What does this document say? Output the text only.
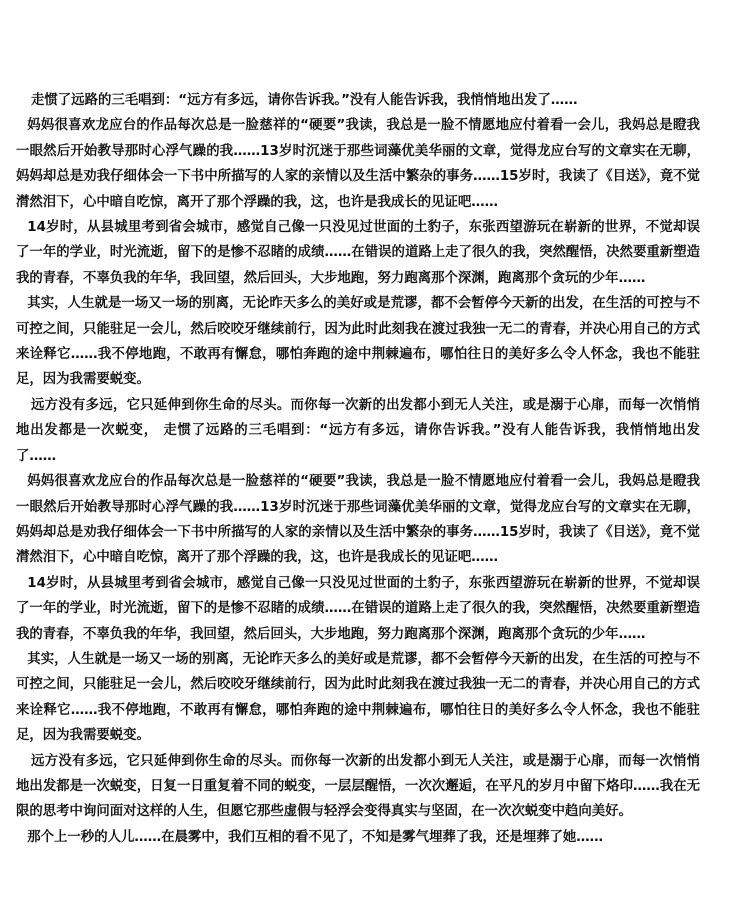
走惯了远路的三毛唱到：“远方有多远，请你告诉我。”没有人能告诉我，我悄悄地出发了……

妈妈很喜欢龙应台的作品每次总是一脸慈祥的“硬要”我读，我总是一脸不情愿地应付着看一会儿，我妈总是瞪我一眼然后开始教导那时心浮气躁的我……13岁时沉迷于那些词藻优美华丽的文章，觉得龙应台写的文章实在无聊，妈妈却总是劝我仔细体会一下书中所描写的人家的亲情以及生活中繁杂的事务……15岁时，我读了《目送》，竟不觉潸然泪下，心中暗自吃惊，离开了那个浮躁的我，这，也许是我成长的见证吧……

14岁时，从县城里考到省会城市，感觉自己像一只没见过世面的土豹子，东张西望游玩在崭新的世界，不觉却误了一年的学业，时光流逝，留下的是惨不忍睹的成绩……在错误的道路上走了很久的我，突然醒悟，决然要重新塑造我的青春，不辜负我的年华，我回望，然后回头，大步地跑，努力跑离那个深渊，跑离那个贪玩的少年……

其实，人生就是一场又一场的别离，无论昨天多么的美好或是荒谬，都不会暂停今天新的出发，在生活的可控与不可控之间，只能驻足一会儿，然后咬咬牙继续前行，因为此时此刻我在渡过我独一无二的青春，并决心用自己的方式来诠释它……我不停地跑，不敢再有懈怠，哪怕奔跑的途中荆棘遍布，哪怕往日的美好多么令人怀念，我也不能驻足，因为我需要蜕变。

远方没有多远，它只延伸到你生命的尽头。而你每一次新的出发都小到无人关注，或是溺于心扉，而每一次悄悄地出发都是一次蜕变， 走惯了远路的三毛唱到：“远方有多远，请你告诉我。”没有人能告诉我，我悄悄地出发了……

妈妈很喜欢龙应台的作品每次总是一脸慈祥的“硬要”我读，我总是一脸不情愿地应付着看一会儿，我妈总是瞪我一眼然后开始教导那时心浮气躁的我……13岁时沉迷于那些词藻优美华丽的文章，觉得龙应台写的文章实在无聊，妈妈却总是劝我仔细体会一下书中所描写的人家的亲情以及生活中繁杂的事务……15岁时，我读了《目送》，竟不觉潸然泪下，心中暗自吃惊，离开了那个浮躁的我，这，也许是我成长的见证吧……

14岁时，从县城里考到省会城市，感觉自己像一只没见过世面的土豹子，东张西望游玩在崭新的世界，不觉却误了一年的学业，时光流逝，留下的是惨不忍睹的成绩……在错误的道路上走了很久的我，突然醒悟，决然要重新塑造我的青春，不辜负我的年华，我回望，然后回头，大步地跑，努力跑离那个深渊，跑离那个贪玩的少年……

其实，人生就是一场又一场的别离，无论昨天多么的美好或是荒谬，都不会暂停今天新的出发，在生活的可控与不可控之间，只能驻足一会儿，然后咬咬牙继续前行，因为此时此刻我在渡过我独一无二的青春，并决心用自己的方式来诠释它……我不停地跑，不敢再有懈怠，哪怕奔跑的途中荆棘遍布，哪怕往日的美好多么令人怀念，我也不能驻足，因为我需要蜕变。

远方没有多远，它只延伸到你生命的尽头。而你每一次新的出发都小到无人关注，或是溺于心扉，而每一次悄悄地出发都是一次蜕变，日复一日重复着不同的蜕变，一层层醒悟，一次次邂逅，在平凡的岁月中留下烙印……我在无限的思考中询问面对这样的人生，但愿它那些虚假与轻浮会变得真实与坚固，在一次次蜕变中趋向美好。

那个上一秒的人儿……在晨雾中，我们互相的看不见了，不知是雾气埋葬了我，还是埋葬了她……
